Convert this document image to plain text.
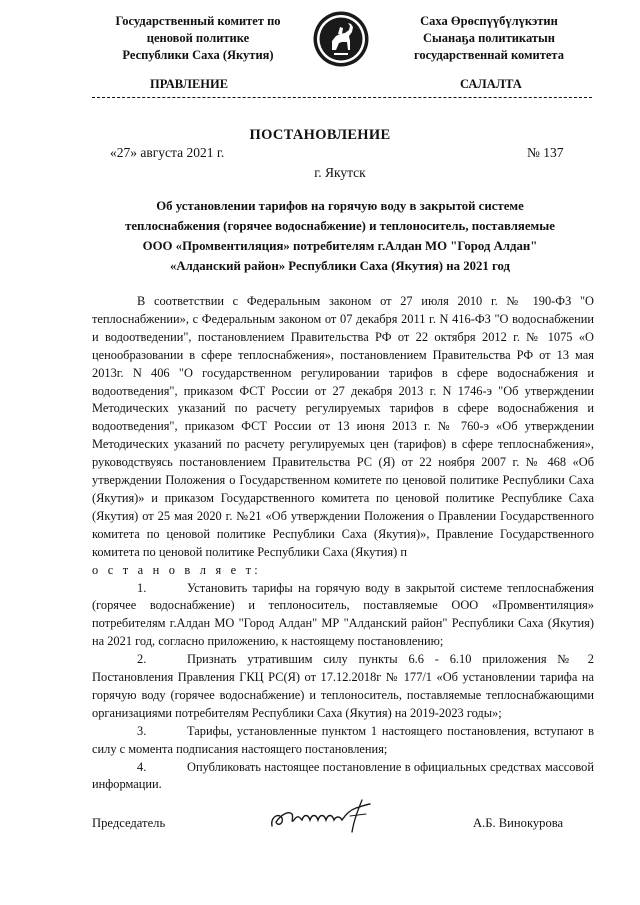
Государственный комитет по
ценовой политике
Республики Саха (Якутия)
Саха Өрөспүүбүлүкэтин
Сыанаҕа политикатын
государственнай комитета
ПРАВЛЕНИЕ	САЛАЛТА
ПОСТАНОВЛЕНИЕ
«27» августа 2021 г.	№ 137
г. Якутск
Об установлении тарифов на горячую воду в закрытой системе
теплоснабжения (горячее водоснабжение) и теплоноситель, поставляемые
ООО «Промвентиляция» потребителям г.Алдан МО "Город Алдан"
«Алданский район» Республики Саха (Якутия) на 2021 год

В соответствии с Федеральным законом от 27 июля 2010 г. № 190-ФЗ "О теплоснабжении», с Федеральным законом от 07 декабря 2011 г. N 416-ФЗ "О водоснабжении и водоотведении", постановлением Правительства РФ от 22 октября 2012 г. № 1075 «О ценообразовании в сфере теплоснабжения», постановлением Правительства РФ от 13 мая 2013г. N 406 "О государственном регулировании тарифов в сфере водоснабжения и водоотведения", приказом ФСТ России от 27 декабря 2013 г. N 1746-э "Об утверждении Методических указаний по расчету регулируемых тарифов в сфере водоснабжения и водоотведения", приказом ФСТ России от 13 июня 2013 г. № 760-э «Об утверждении Методических указаний по расчету регулируемых цен (тарифов) в сфере теплоснабжения», руководствуясь постановлением Правительства РС (Я) от 22 ноября 2007 г. № 468 «Об утверждении Положения о Государственном комитете по ценовой политике Республики Саха (Якутия)» и приказом Государственного комитета по ценовой политике Республике Саха (Якутия) от 25 мая 2020 г. №21 «Об утверждении Положения о Правлении Государственного комитета по ценовой политике Республики Саха (Якутия)», Правление Государственного комитета по ценовой политике Республики Саха (Якутия) п

о с т а н о в л я е т:

1.	Установить тарифы на горячую воду в закрытой системе теплоснабжения (горячее водоснабжение) и теплоноситель, поставляемые ООО «Промвентиляция» потребителям г.Алдан МО "Город Алдан" МР "Алданский район" Республики Саха (Якутия) на 2021 год, согласно приложению, к настоящему постановлению;

2.	Признать утратившим силу пункты 6.6 - 6.10 приложения № 2 Постановления Правления ГКЦ РС(Я) от 17.12.2018г № 177/1 «Об установлении тарифа на горячую воду (горячее водоснабжение) и теплоноситель, поставляемые теплоснабжающими организациями потребителям Республики Саха (Якутия) на 2019-2023 годы»;

3.	Тарифы, установленные пунктом 1 настоящего постановления, вступают в силу с момента подписания настоящего постановления;

4.	Опубликовать настоящее постановление в официальных средствах массовой информации.

Председатель	А.Б. Винокурова
